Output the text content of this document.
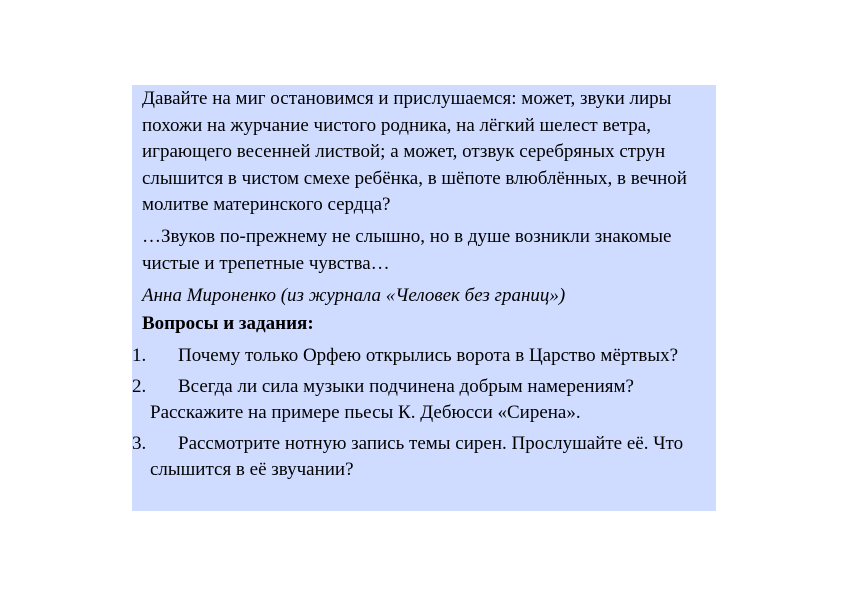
Давайте на миг остановимся и прислушаемся: может, звуки лиры похожи на журчание чистого родника, на лёгкий шелест ветра, играющего весенней листвой; а может, отзвук серебряных струн слышится в чистом смехе ребёнка, в шёпоте влюблённых, в вечной молитве материнского сердца?

…Звуков по-прежнему не слышно, но в душе возникли знакомые чистые и трепетные чувства…

Анна Мироненко (из журнала «Человек без границ»)
Вопросы и задания:
1.	Почему только Орфею открылись ворота в Царство мёртвых?
2.	Всегда ли сила музыки подчинена добрым намерениям? Расскажите на примере пьесы К. Дебюсси «Сирена».
3.	Рассмотрите нотную запись темы сирен. Прослушайте её. Что слышится в её звучании?
